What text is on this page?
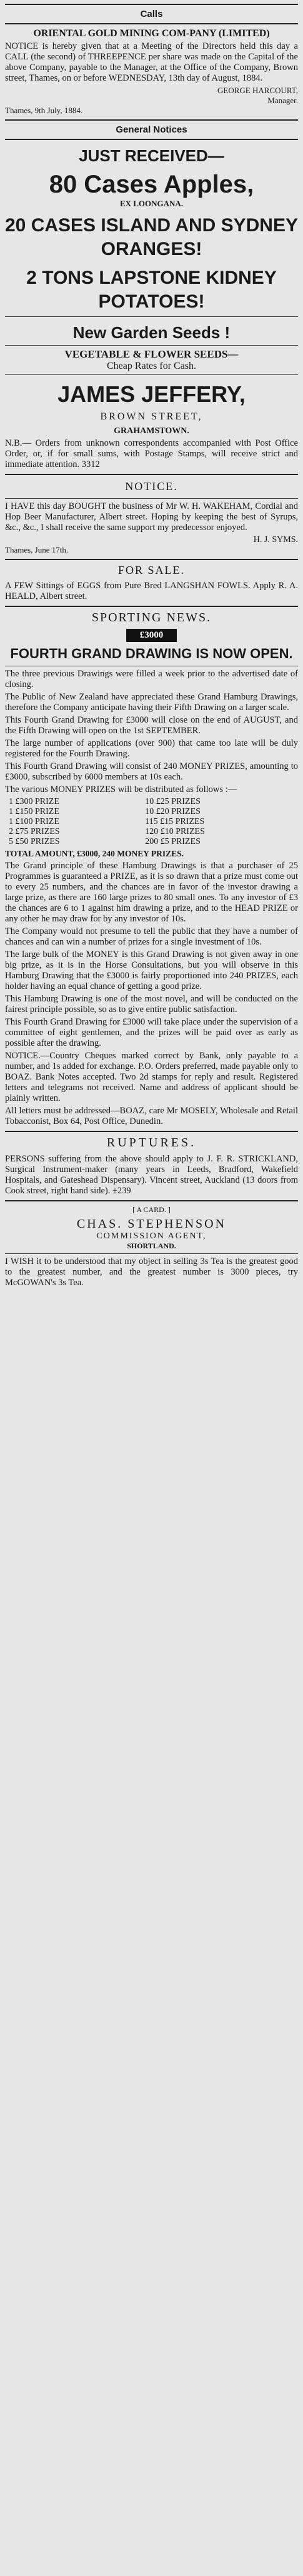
Calls
ORIENTAL GOLD MINING COM-PANY (LIMITED)

NOTICE is hereby given that at a Meeting of the Directors held this day a CALL (the second) of THREEPENCE per share was made on the Capital of the above Company, payable to the Manager, at the Office of the Company, Brown street, Thames, on or before WEDNESDAY, 13th day of August, 1884.

GEORGE HARCOURT,
Manager.
Thames, 9th July, 1884.
General Notices
JUST RECEIVED—
80 Cases Apples,
EX LOONGANA.
20 CASES ISLAND AND SYDNEY ORANGES!
2 TONS LAPSTONE KIDNEY POTATOES!
New Garden Seeds !
VEGETABLE & FLOWER SEEDS—
Cheap Rates for Cash.
JAMES JEFFERY,
BROWN STREET,
GRAHAMSTOWN.

N.B.— Orders from unknown correspondents accompanied with Post Office Order, or, if for small sums, with Postage Stamps, will receive strict and immediate attention. 3312

NOTICE.

I HAVE this day BOUGHT the business of Mr W. H. WAKEHAM, Cordial and Hop Beer Manufacturer, Albert street. Hoping by keeping the best of Syrups, &c., &c., I shall receive the same support my predecessor enjoyed.

H. J. SYMS.
Thames, June 17th.
FOR SALE.

A FEW Sittings of EGGS from Pure Bred LANGSHAN FOWLS. Apply R. A. HEALD, Albert street.

SPORTING NEWS.
£3000
FOURTH GRAND DRAWING IS NOW OPEN.

The three previous Drawings were filled a week prior to the advertised date of closing.

The Public of New Zealand have appreciated these Grand Hamburg Drawings, therefore the Company anticipate having their Fifth Drawing on a larger scale.

This Fourth Grand Drawing for £3000 will close on the end of AUGUST, and the Fifth Drawing will open on the 1st SEPTEMBER.

The large number of applications (over 900) that came too late will be duly registered for the Fourth Drawing.

This Fourth Grand Drawing will consist of 240 MONEY PRIZES, amounting to £3000, subscribed by 6000 members at 10s each.

The various MONEY PRIZES will be distributed as follows :—

1 £300 PRIZE	10 £25 PRIZES
1 £150 PRIZE	10 £20 PRIZES
1 £100 PRIZE	115 £15 PRIZES
2 £75 PRIZES	120 £10 PRIZES
5 £50 PRIZES	200 £5 PRIZES
TOTAL AMOUNT, £3000, 240 MONEY PRIZES.

The Grand principle of these Hamburg Drawings is that a purchaser of 25 Programmes is guaranteed a PRIZE, as it is so drawn that a prize must come out to every 25 numbers, and the chances are in favor of the investor drawing a large prize, as there are 160 large prizes to 80 small ones. To any investor of £3 the chances are 6 to 1 against him drawing a prize, and to the HEAD PRIZE or any other he may draw for by any investor of 10s.

The Company would not presume to tell the public that they have a number of chances and can win a number of prizes for a single investment of 10s.

The large bulk of the MONEY is this Grand Drawing is not given away in one big prize, as it is in the Horse Consultations, but you will observe in this Hamburg Drawing that the £3000 is fairly proportioned into 240 PRIZES, each holder having an equal chance of getting a good prize.

This Hamburg Drawing is one of the most novel, and will be conducted on the fairest principle possible, so as to give entire public satisfaction.

This Fourth Grand Drawing for £3000 will take place under the supervision of a committee of eight gentlemen, and the prizes will be paid over as early as possible after the drawing.

NOTICE.—Country Cheques marked correct by Bank, only payable to a number, and 1s added for exchange. P.O. Orders preferred, made payable only to BOAZ. Bank Notes accepted. Two 2d stamps for reply and result. Registered letters and telegrams not received. Name and address of applicant should be plainly written.

All letters must be addressed—BOAZ, care Mr MOSELY, Wholesale and Retail Tobacconist, Box 64, Post Office, Dunedin.

RUPTURES.

PERSONS suffering from the above should apply to J. F. R. STRICKLAND, Surgical Instrument-maker (many years in Leeds, Bradford, Wakefield Hospitals, and Gateshead Dispensary). Vincent street, Auckland (13 doors from Cook street, right hand side). ±239

[ A CARD. ]
CHAS. STEPHENSON
COMMISSION AGENT,
SHORTLAND.

I WISH it to be understood that my object in selling 3s Tea is the greatest good to the greatest number, and the greatest number is 3000 pieces, try McGOWAN's 3s Tea.
